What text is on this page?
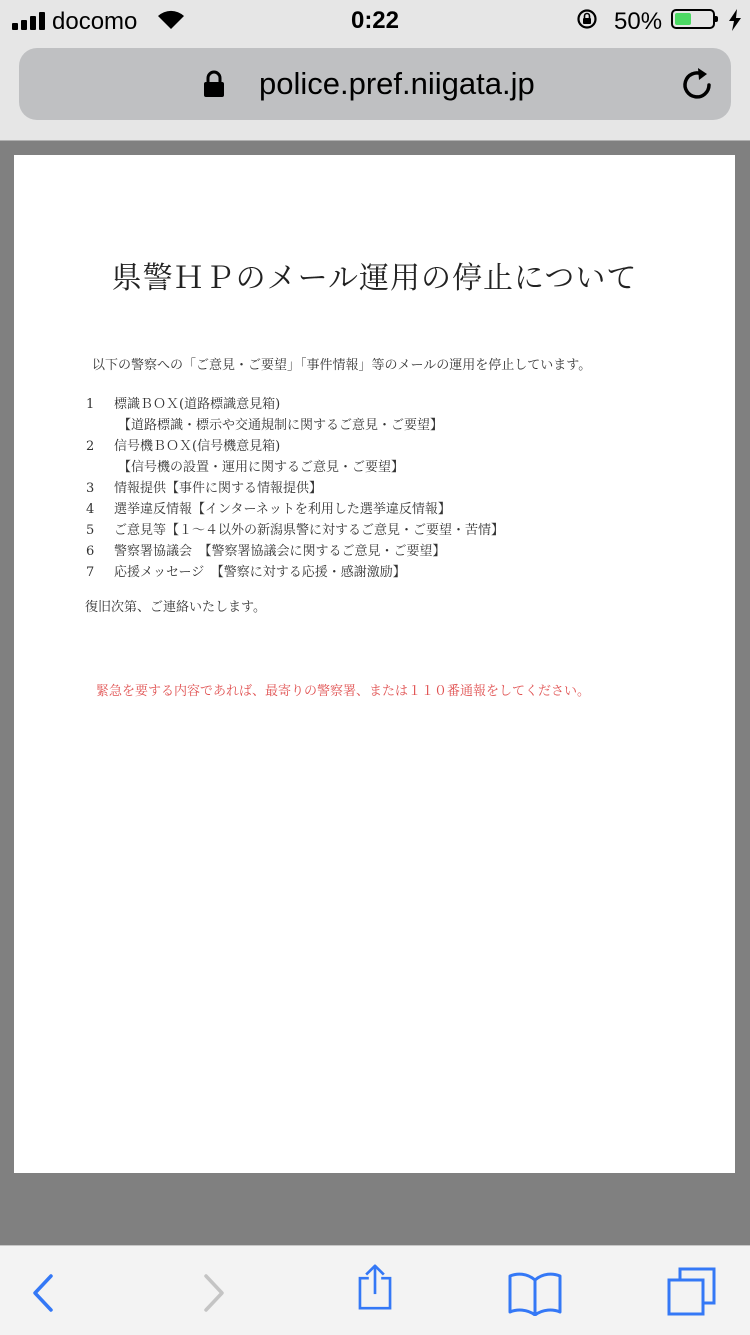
docomo	0:22	50%
police.pref.niigata.jp
県警ＨＰのメール運用の停止について
以下の警察への「ご意見・ご要望」「事件情報」等のメールの運用を停止しています。
1 標識ＢＯＸ(道路標識意見箱)
【道路標識・標示や交通規制に関するご意見・ご要望】
2 信号機ＢＯＸ(信号機意見箱)
【信号機の設置・運用に関するご意見・ご要望】
3 情報提供【事件に関する情報提供】
4 選挙違反情報【インターネットを利用した選挙違反情報】
5 ご意見等【１～４以外の新潟県警に対するご意見・ご要望・苦情】
6 警察署協議会　【警察署協議会に関するご意見・ご要望】
7 応援メッセージ　【警察に対する応援・感謝激励】
復旧次第、ご連絡いたします。
緊急を要する内容であれば、最寄りの警察署、または１１０番通報をしてください。
